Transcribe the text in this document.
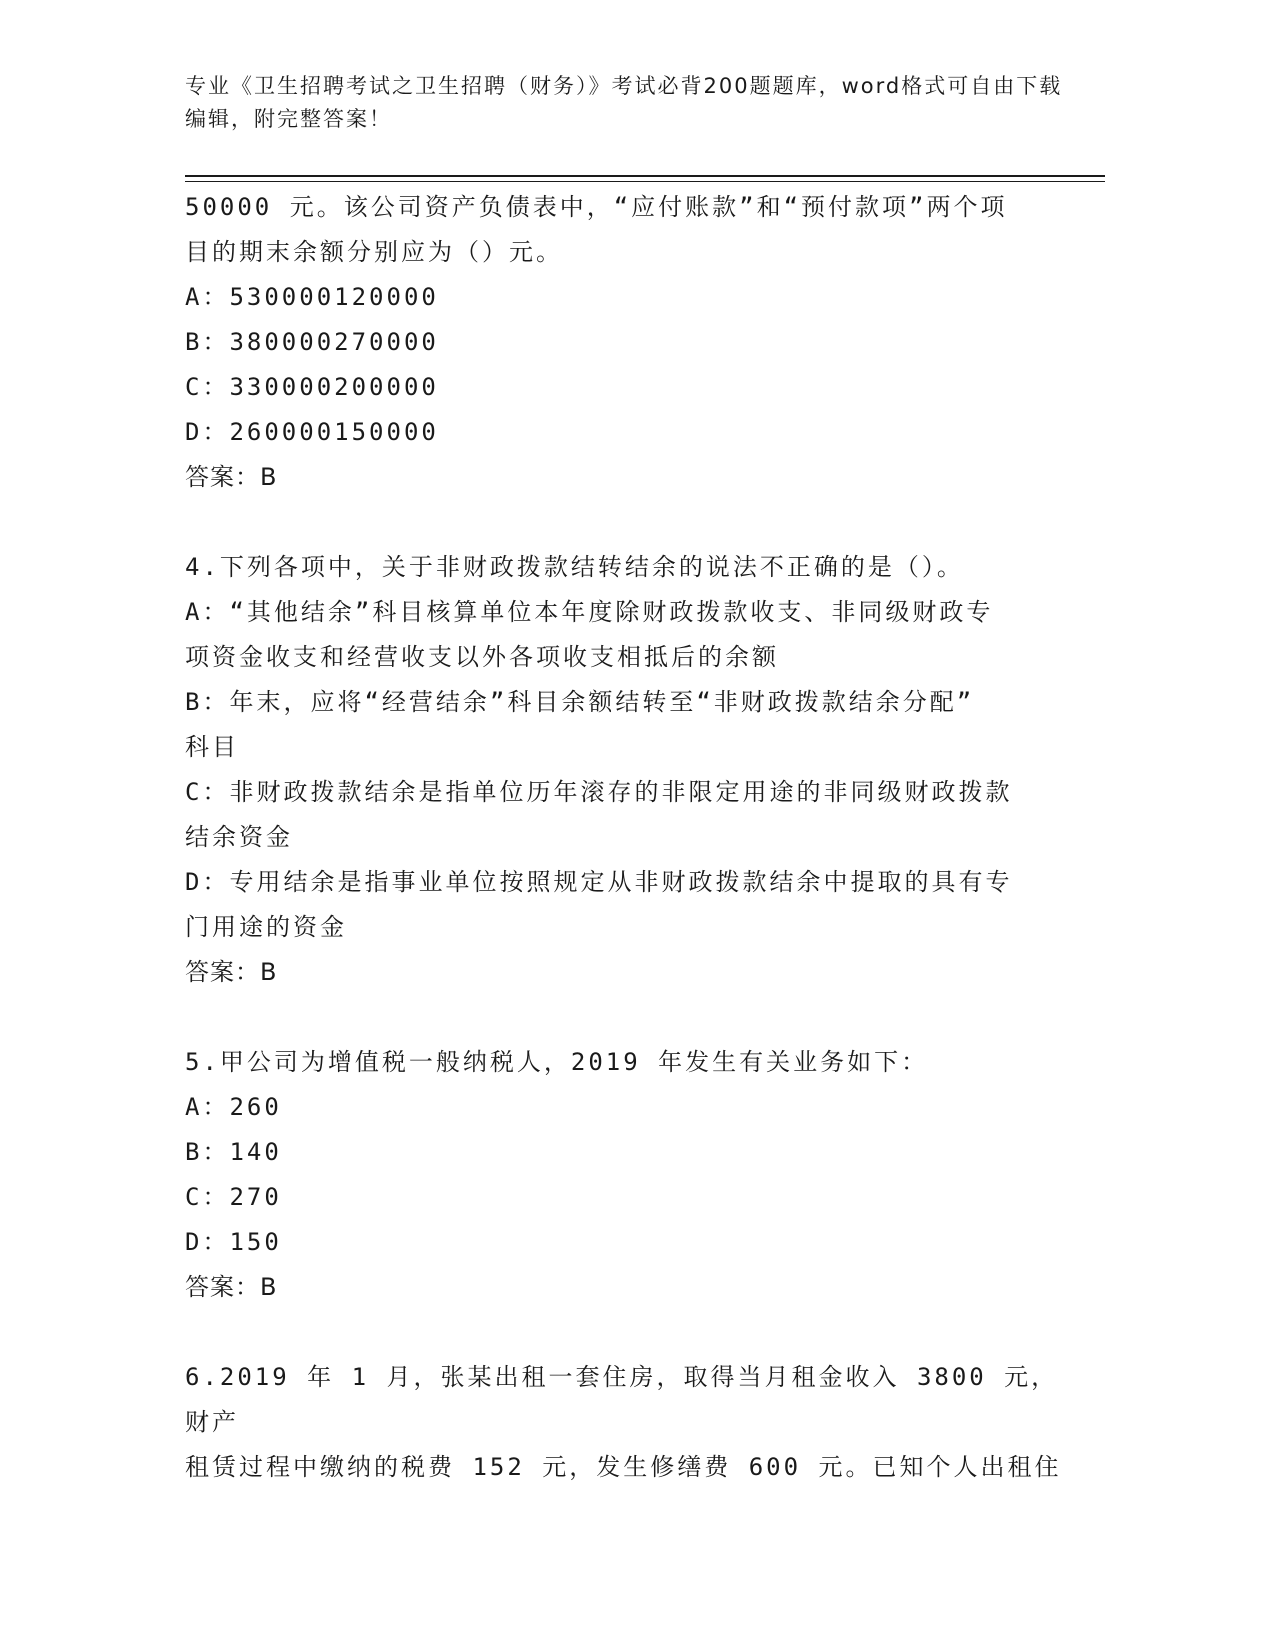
专业《卫生招聘考试之卫生招聘（财务）》考试必背200题题库，word格式可自由下载编辑，附完整答案！

50000 元。该公司资产负债表中，“应付账款”和“预付款项”两个项

目的期末余额分别应为（）元。

A：530000120000

B：380000270000

C：330000200000

D：260000150000

答案：B

4.下列各项中，关于非财政拨款结转结余的说法不正确的是（）。

A：“其他结余”科目核算单位本年度除财政拨款收支、非同级财政专

项资金收支和经营收支以外各项收支相抵后的余额

B：年末，应将“经营结余”科目余额结转至“非财政拨款结余分配”

科目

C：非财政拨款结余是指单位历年滚存的非限定用途的非同级财政拨款

结余资金

D：专用结余是指事业单位按照规定从非财政拨款结余中提取的具有专

门用途的资金

答案：B

5.甲公司为增值税一般纳税人，2019 年发生有关业务如下：

A：260

B：140

C：270

D：150

答案：B

6.2019 年 1 月，张某出租一套住房，取得当月租金收入 3800 元，财产

租赁过程中缴纳的税费 152 元，发生修缮费 600 元。已知个人出租住
